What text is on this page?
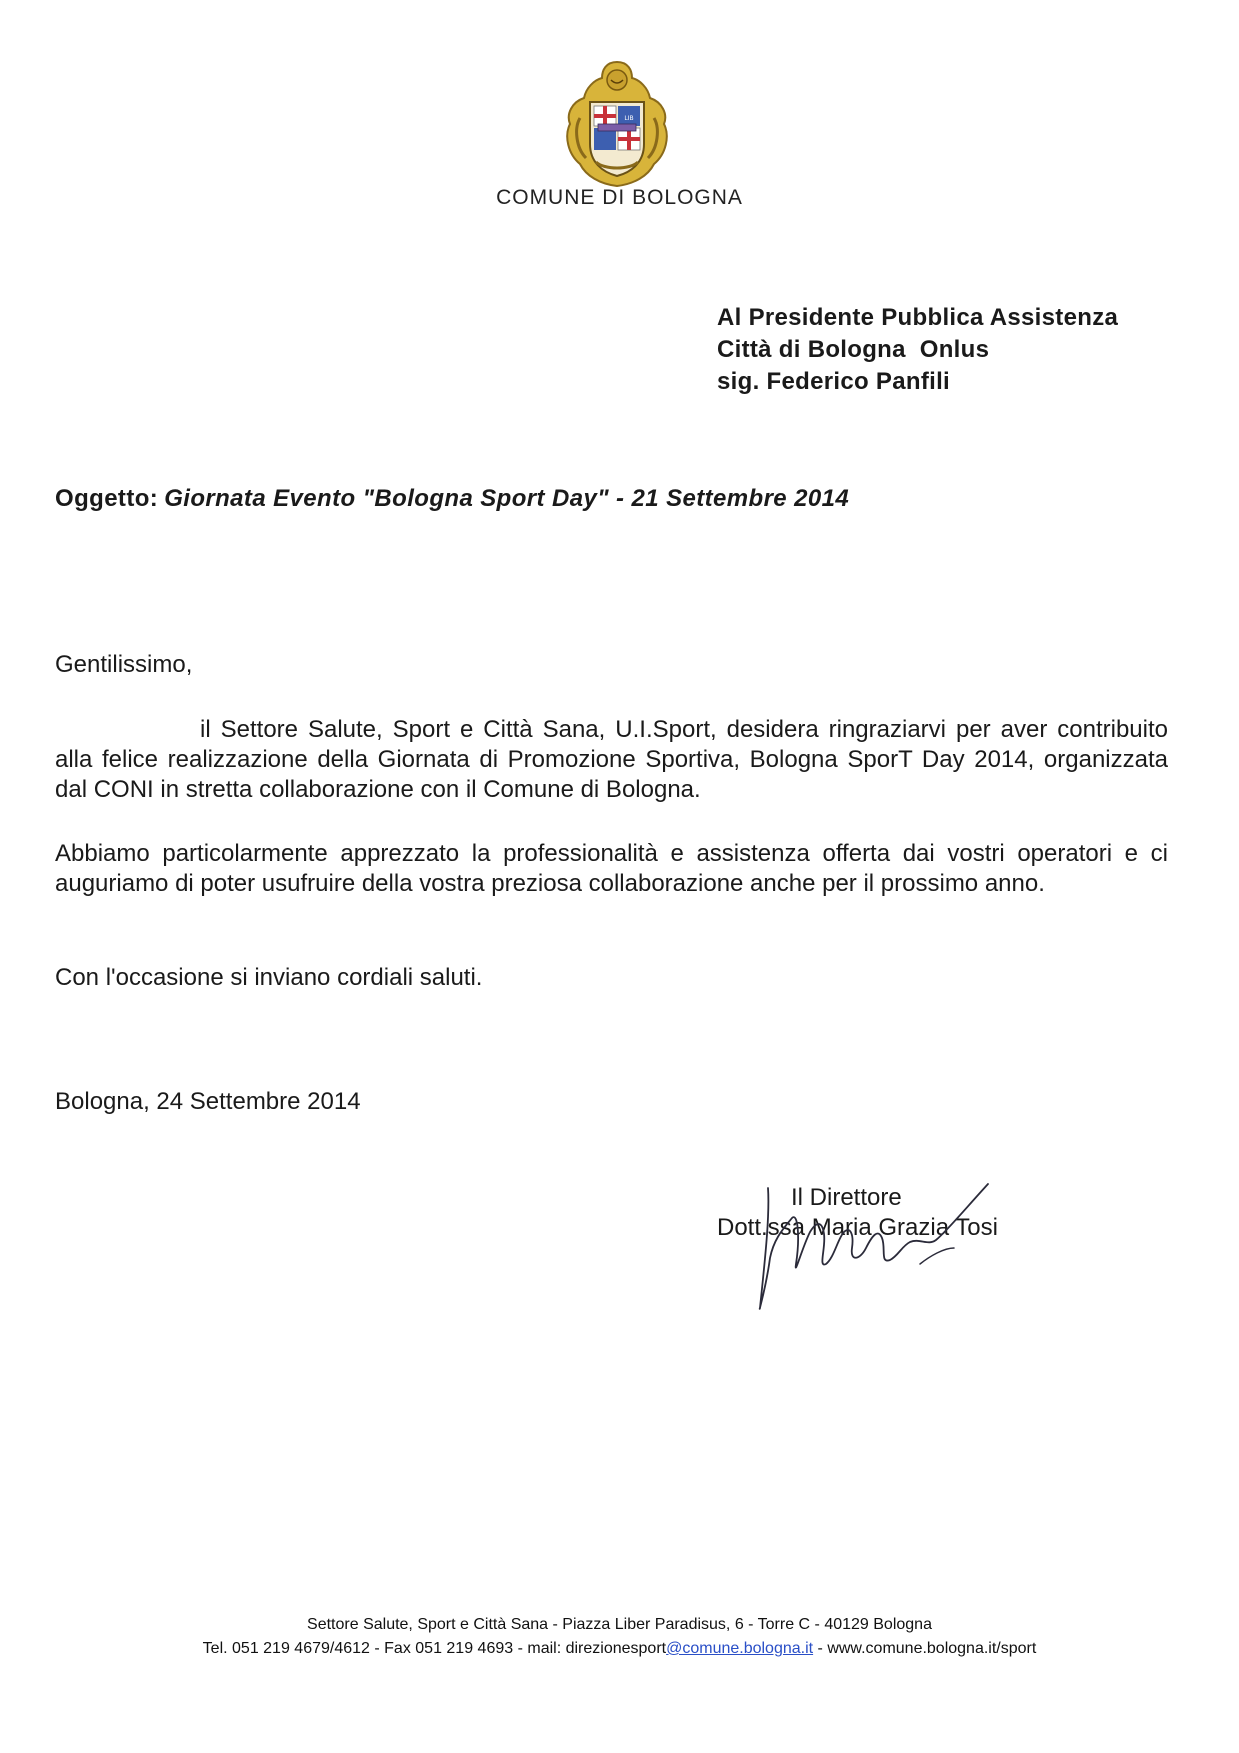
LIB
COMUNE DI BOLOGNA
Al Presidente Pubblica Assistenza
Città di Bologna  Onlus
sig. Federico Panfili
Oggetto: Giornata Evento "Bologna Sport Day" - 21 Settembre 2014
Gentilissimo,
il Settore Salute, Sport e Città Sana, U.I.Sport, desidera ringraziarvi per aver contribuito alla felice realizzazione della Giornata di Promozione Sportiva, Bologna SporT Day 2014, organizzata dal CONI in stretta collaborazione con il Comune di Bologna.
Abbiamo particolarmente apprezzato la professionalità e assistenza offerta dai vostri operatori e ci auguriamo di poter usufruire della vostra preziosa collaborazione anche per il prossimo anno.
Con l'occasione si inviano cordiali saluti.
Bologna, 24 Settembre 2014
Il Direttore
Dott.ssa Maria Grazia Tosi
Settore Salute, Sport e Città Sana - Piazza Liber Paradisus, 6 - Torre C - 40129 Bologna
Tel. 051 219 4679/4612 - Fax 051 219 4693 - mail: direzionesport@comune.bologna.it - www.comune.bologna.it/sport
